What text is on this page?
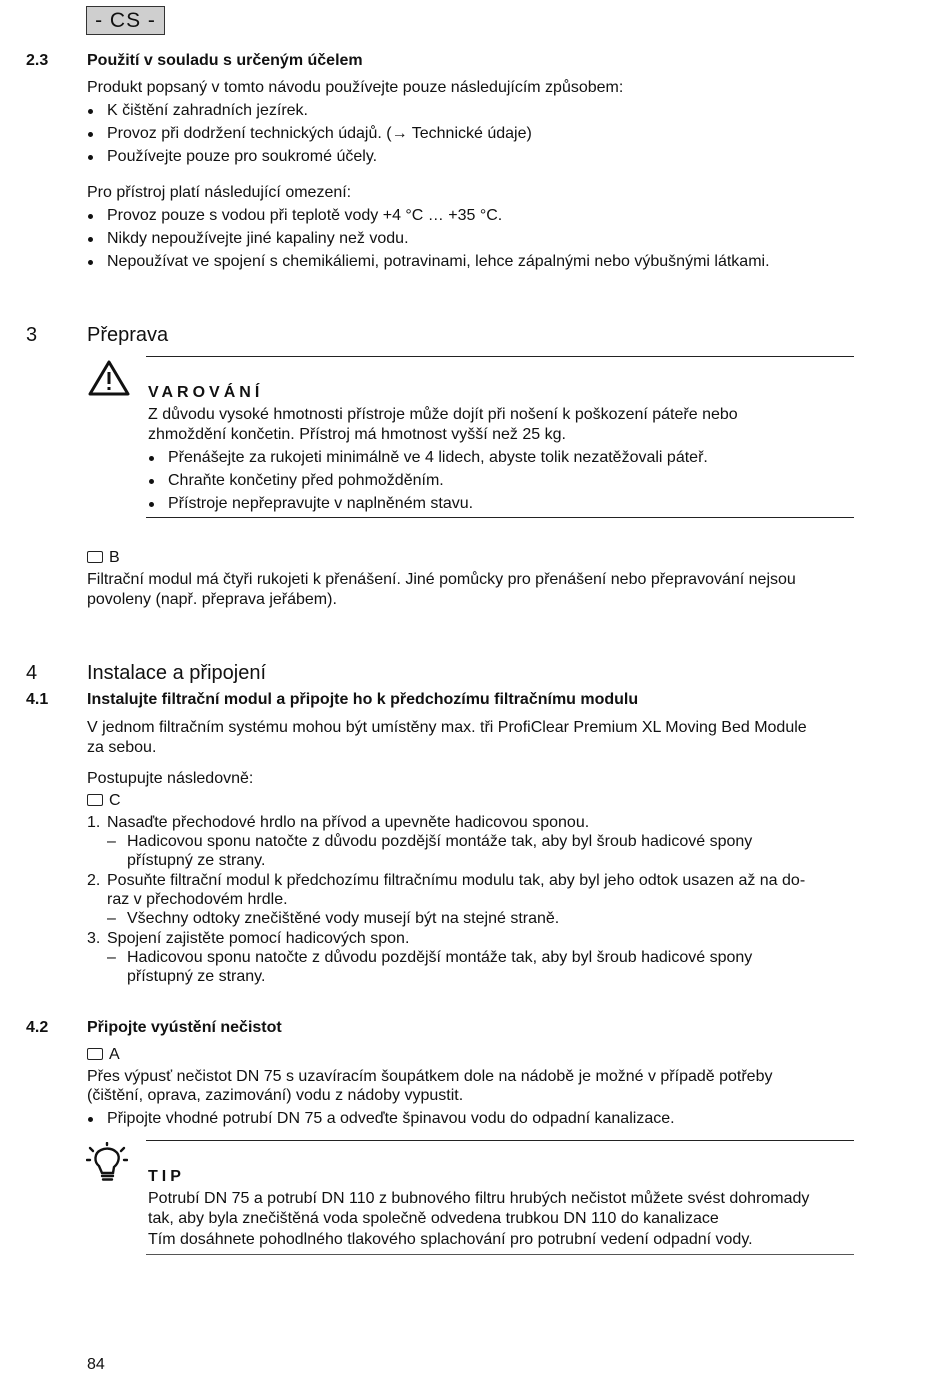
- CS -
2.3 Použití v souladu s určeným účelem
Produkt popsaný v tomto návodu používejte pouze následujícím způsobem:
K čištění zahradních jezírek.
Provoz při dodržení technických údajů. (→ Technické údaje)
Používejte pouze pro soukromé účely.
Pro přístroj platí následující omezení:
Provoz pouze s vodou při teplotě vody +4 °C … +35 °C.
Nikdy nepoužívejte jiné kapaliny než vodu.
Nepoužívat ve spojení s chemikáliemi, potravinami, lehce zápalnými nebo výbušnými látkami.
3 Přeprava
VAROVÁNÍ
Z důvodu vysoké hmotnosti přístroje může dojít při nošení k poškození páteře nebo
zhmoždění končetin. Přístroj má hmotnost vyšší než 25 kg.
Přenášejte za rukojeti minimálně ve 4 lidech, abyste tolik nezatěžovali páteř.
Chraňte končetiny před pohmožděním.
Přístroje nepřepravujte v naplněném stavu.
B
Filtrační modul má čtyři rukojeti k přenášení. Jiné pomůcky pro přenášení nebo přepravování nejsou
povoleny (např. přeprava jeřábem).
4 Instalace a připojení
4.1 Instalujte filtrační modul a připojte ho k předchozímu filtračnímu modulu
V jednom filtračním systému mohou být umístěny max. tři ProfiClear Premium XL Moving Bed Module
za sebou.
Postupujte následovně:
C
1. Nasaďte přechodové hrdlo na přívod a upevněte hadicovou sponou.
– Hadicovou sponu natočte z důvodu pozdější montáže tak, aby byl šroub hadicové spony
přístupný ze strany.
2. Posuňte filtrační modul k předchozímu filtračnímu modulu tak, aby byl jeho odtok usazen až na do-
raz v přechodovém hrdle.
– Všechny odtoky znečištěné vody musejí být na stejné straně.
3. Spojení zajistěte pomocí hadicových spon.
– Hadicovou sponu natočte z důvodu pozdější montáže tak, aby byl šroub hadicové spony
přístupný ze strany.
4.2 Připojte vyústění nečistot
A
Přes výpusť nečistot DN 75 s uzavíracím šoupátkem dole na nádobě je možné v případě potřeby
(čištění, oprava, zazimování) vodu z nádoby vypustit.
Připojte vhodné potrubí DN 75 a odveďte špinavou vodu do odpadní kanalizace.
TIP
Potrubí DN 75 a potrubí DN 110 z bubnového filtru hrubých nečistot můžete svést dohromady
tak, aby byla znečištěná voda společně odvedena trubkou DN 110 do kanalizace
Tím dosáhnete pohodlného tlakového splachování pro potrubní vedení odpadní vody.
84
